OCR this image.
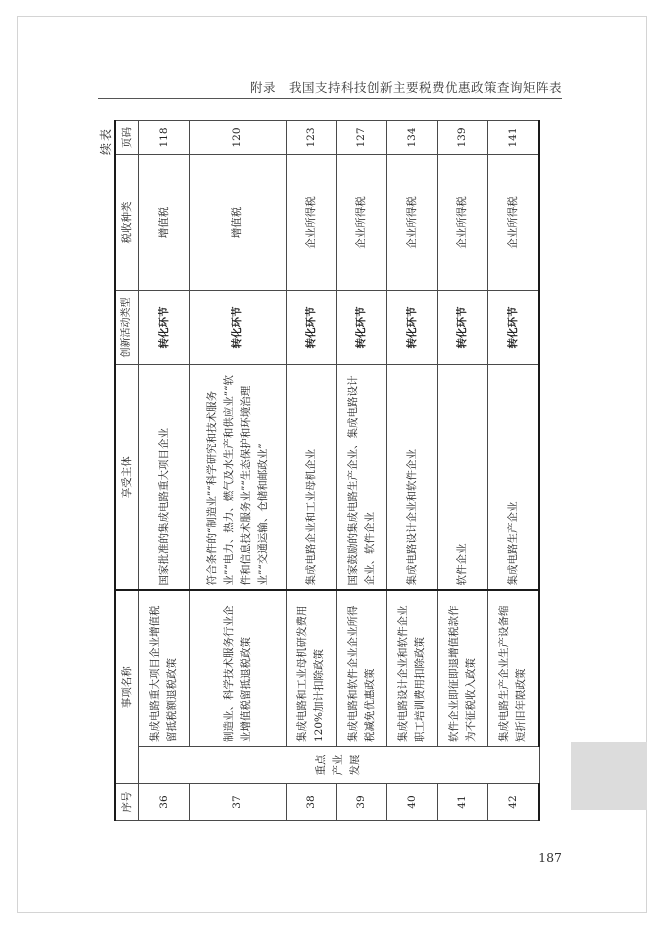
附录　我国支持科技创新主要税费优惠政策查询矩阵表
续表
序号	事项名称		享受主体	创新活动类型	税收种类	页码
36	重点产业发展	集成电路重大项目企业增值税留抵税额退税政策	国家批准的集成电路重大项目企业	转化环节	增值税	118
37		制造业、科学技术服务行业企业增值税留抵退税政策	符合条件的“制造业”“科学研究和技术服务业”“电力、热力、燃气及水生产和供应业”“软件和信息技术服务业”“生态保护和环境治理业”“交通运输、仓储和邮政业”	转化环节	增值税	120
38		集成电路和工业母机研发费用120%加计扣除政策	集成电路企业和工业母机企业	转化环节	企业所得税	123
39		集成电路和软件企业企业所得税减免优惠政策	国家鼓励的集成电路生产企业、集成电路设计企业、软件企业	转化环节	企业所得税	127
40		集成电路设计企业和软件企业职工培训费用扣除政策	集成电路设计企业和软件企业	转化环节	企业所得税	134
41		软件企业即征即退增值税款作为不征税收入政策	软件企业	转化环节	企业所得税	139
42		集成电路生产企业生产设备缩短折旧年限政策	集成电路生产企业	转化环节	企业所得税	141
187
